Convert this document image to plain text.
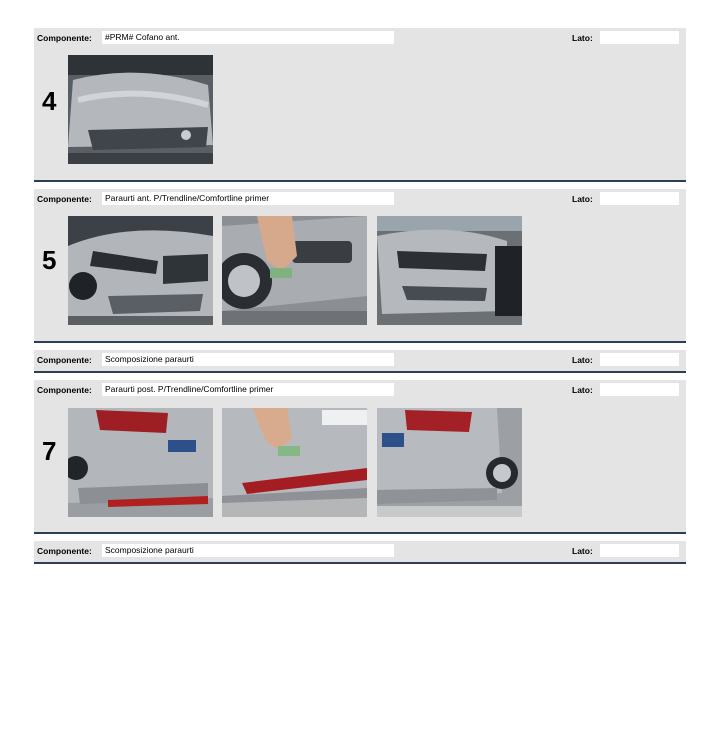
Componente:	#PRM# Cofano ant.	Lato:
4
Componente:	Paraurti ant. P/Trendline/Comfortline primer	Lato:
5
Componente:	Scomposizione paraurti	Lato:
Componente:	Paraurti post. P/Trendline/Comfortline primer	Lato:
7
Componente:	Scomposizione paraurti	Lato:
